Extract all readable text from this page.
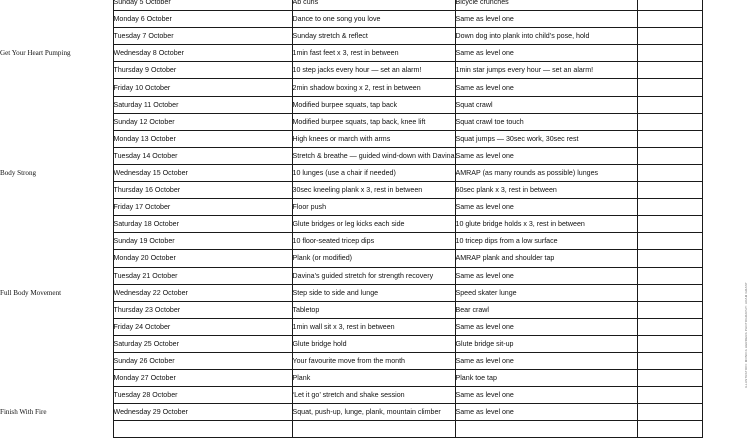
	Sunday 5 October	Ab curls	Bicycle crunches		
	Monday 6 October	Dance to one song you love	Same as level one		
	Tuesday 7 October	Sunday stretch & reflect	Down dog into plank into child’s pose, hold		
Get Your Heart Pumping	Wednesday 8 October	1min fast feet x 3, rest in between	Same as level one		
	Thursday 9 October	10 step jacks every hour — set an alarm!	1min star jumps every hour — set an alarm!		
	Friday 10 October	2min shadow boxing x 2, rest in between	Same as level one		
	Saturday 11 October	Modified burpee squats, tap back	Squat crawl		
	Sunday 12 October	Modified burpee squats, tap back, knee lift	Squat crawl toe touch		
	Monday 13 October	High knees or march with arms	Squat jumps — 30sec work, 30sec rest		
	Tuesday 14 October	Stretch & breathe — guided wind-down with Davina	Same as level one		
Body Strong	Wednesday 15 October	10 lunges (use a chair if needed)	AMRAP (as many rounds as possible) lunges		
	Thursday 16 October	30sec kneeling plank x 3, rest in between	60sec plank x 3, rest in between		
	Friday 17 October	Floor push	Same as level one		
	Saturday 18 October	Glute bridges or leg kicks each side	10 glute bridge holds x 3, rest in between		
	Sunday 19 October	10 floor-seated tricep dips	10 tricep dips from a low surface		
	Monday 20 October	Plank (or modified)	AMRAP plank and shoulder tap		
	Tuesday 21 October	Davina’s guided stretch for strength recovery	Same as level one		
Full Body Movement	Wednesday 22 October	Step side to side and lunge	Speed skater lunge		
	Thursday 23 October	Tabletop	Bear crawl		
	Friday 24 October	1min wall sit x 3, rest in between	Same as level one		
	Saturday 25 October	Glute bridge hold	Glute bridge sit-up		
	Sunday 26 October	Your favourite move from the month	Same as level one		
	Monday 27 October	Plank	Plank toe tap		
	Tuesday 28 October	‘Let it go’ stretch and shake session	Same as level one		
Finish With Fire	Wednesday 29 October	Squat, push-up, lunge, plank, mountain climber	Same as level one		

ILLUSTRATION: MONICA HERRERA PHOTOGRAPHY: ADAM GRANT
